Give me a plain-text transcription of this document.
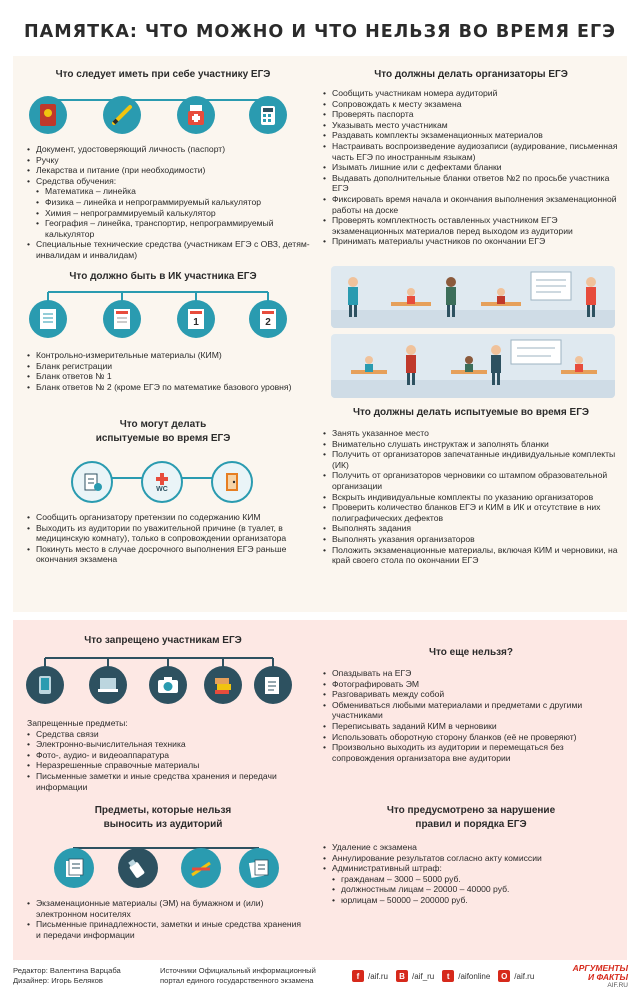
ПАМЯТКА: ЧТО МОЖНО И ЧТО НЕЛЬЗЯ ВО ВРЕМЯ ЕГЭ
Что следует иметь при себе участнику ЕГЭ
• Документ, удостоверяющий личность (паспорт)
• Ручку
• Лекарства и питание (при необходимости)
• Средства обучения:
• Математика – линейка
• Физика – линейка и непрограммируемый калькулятор
• Химия – непрограммируемый калькулятор
• География – линейка, транспортир, непрограммируемый калькулятор
• Специальные технические средства (участникам ЕГЭ с ОВЗ, детям-инвалидам и инвалидам)
Что должно быть в ИК участника ЕГЭ
1	2
• Контрольно-измерительные материалы (КИМ)
• Бланк регистрации
• Бланк ответов № 1
• Бланк ответов № 2 (кроме ЕГЭ по математике базового уровня)
Что могут делать
испытуемые во время ЕГЭ
WC
• Сообщить организатору претензии по содержанию КИМ
• Выходить из аудитории по уважительной причине (в туалет, в медицинскую комнату), только в сопровождении организатора
• Покинуть место в случае досрочного выполнения ЕГЭ раньше окончания экзамена
Что должны делать организаторы ЕГЭ
• Сообщить участникам номера аудиторий
• Сопровождать к месту экзамена
• Проверять паспорта
• Указывать место участникам
• Раздавать комплекты экзаменационных материалов
• Настраивать воспроизведение аудиозаписи (аудирование, письменная часть ЕГЭ по иностранным языкам)
• Изымать лишние или с дефектами бланки
• Выдавать дополнительные бланки ответов №2 по просьбе участника ЕГЭ
• Фиксировать время начала и окончания выполнения экзаменационной работы на доске
• Проверять комплектность оставленных участником ЕГЭ экзаменационных материалов перед выходом из аудитории
• Принимать материалы участников по окончании ЕГЭ
Что должны делать испытуемые во время ЕГЭ
• Занять указанное место
• Внимательно слушать инструктаж и заполнять бланки
• Получить от организаторов запечатанные индивидуальные комплекты (ИК)
• Получить от организаторов черновики со штампом образовательной организации
• Вскрыть индивидуальные комплекты по указанию организаторов
• Проверить количество бланков ЕГЭ и КИМ в ИК и отсутствие в них полиграфических дефектов
• Выполнять задания
• Выполнять указания организаторов
• Положить экзаменационные материалы, включая КИМ и черновики, на край своего стола по окончании ЕГЭ
Что запрещено участникам ЕГЭ
Запрещенные предметы:
• Средства связи
• Электронно-вычислительная техника
• Фото-, аудио- и видеоаппаратура
• Неразрешенные справочные материалы
• Письменные заметки и иные средства хранения и передачи информации
Предметы, которые нельзя
выносить из аудиторий
• Экзаменационные материалы (ЭМ) на бумажном и (или) электронном носителях
• Письменные принадлежности, заметки и иные средства хранения и передачи информации
Что еще нельзя?
• Опаздывать на ЕГЭ
• Фотографировать ЭМ
• Разговаривать между собой
• Обмениваться любыми материалами и предметами с другими участниками
• Переписывать заданий КИМ в черновики
• Использовать оборотную сторону бланков (её не проверяют)
• Произвольно выходить из аудитории и перемещаться без сопровождения организатора вне аудитории
Что предусмотрено за нарушение
правил и порядка ЕГЭ
• Удаление с экзамена
• Аннулирование результатов согласно акту комиссии
• Административный штраф:
• гражданам – 3000 – 5000 руб.
• должностным лицам – 20000 – 40000 руб.
• юрлицам – 50000 – 200000 руб.
Редактор: Валентина Варцаба
Дизайнер: Игорь Беляков
Источники Официальный информационный
портал единого государственного экзамена	f	/aif.ru	В /aif_ru	t	/aifonline	О /aif.ru
АРГУМЕНТЫ
И ФАКТЫ
AIF.RU
